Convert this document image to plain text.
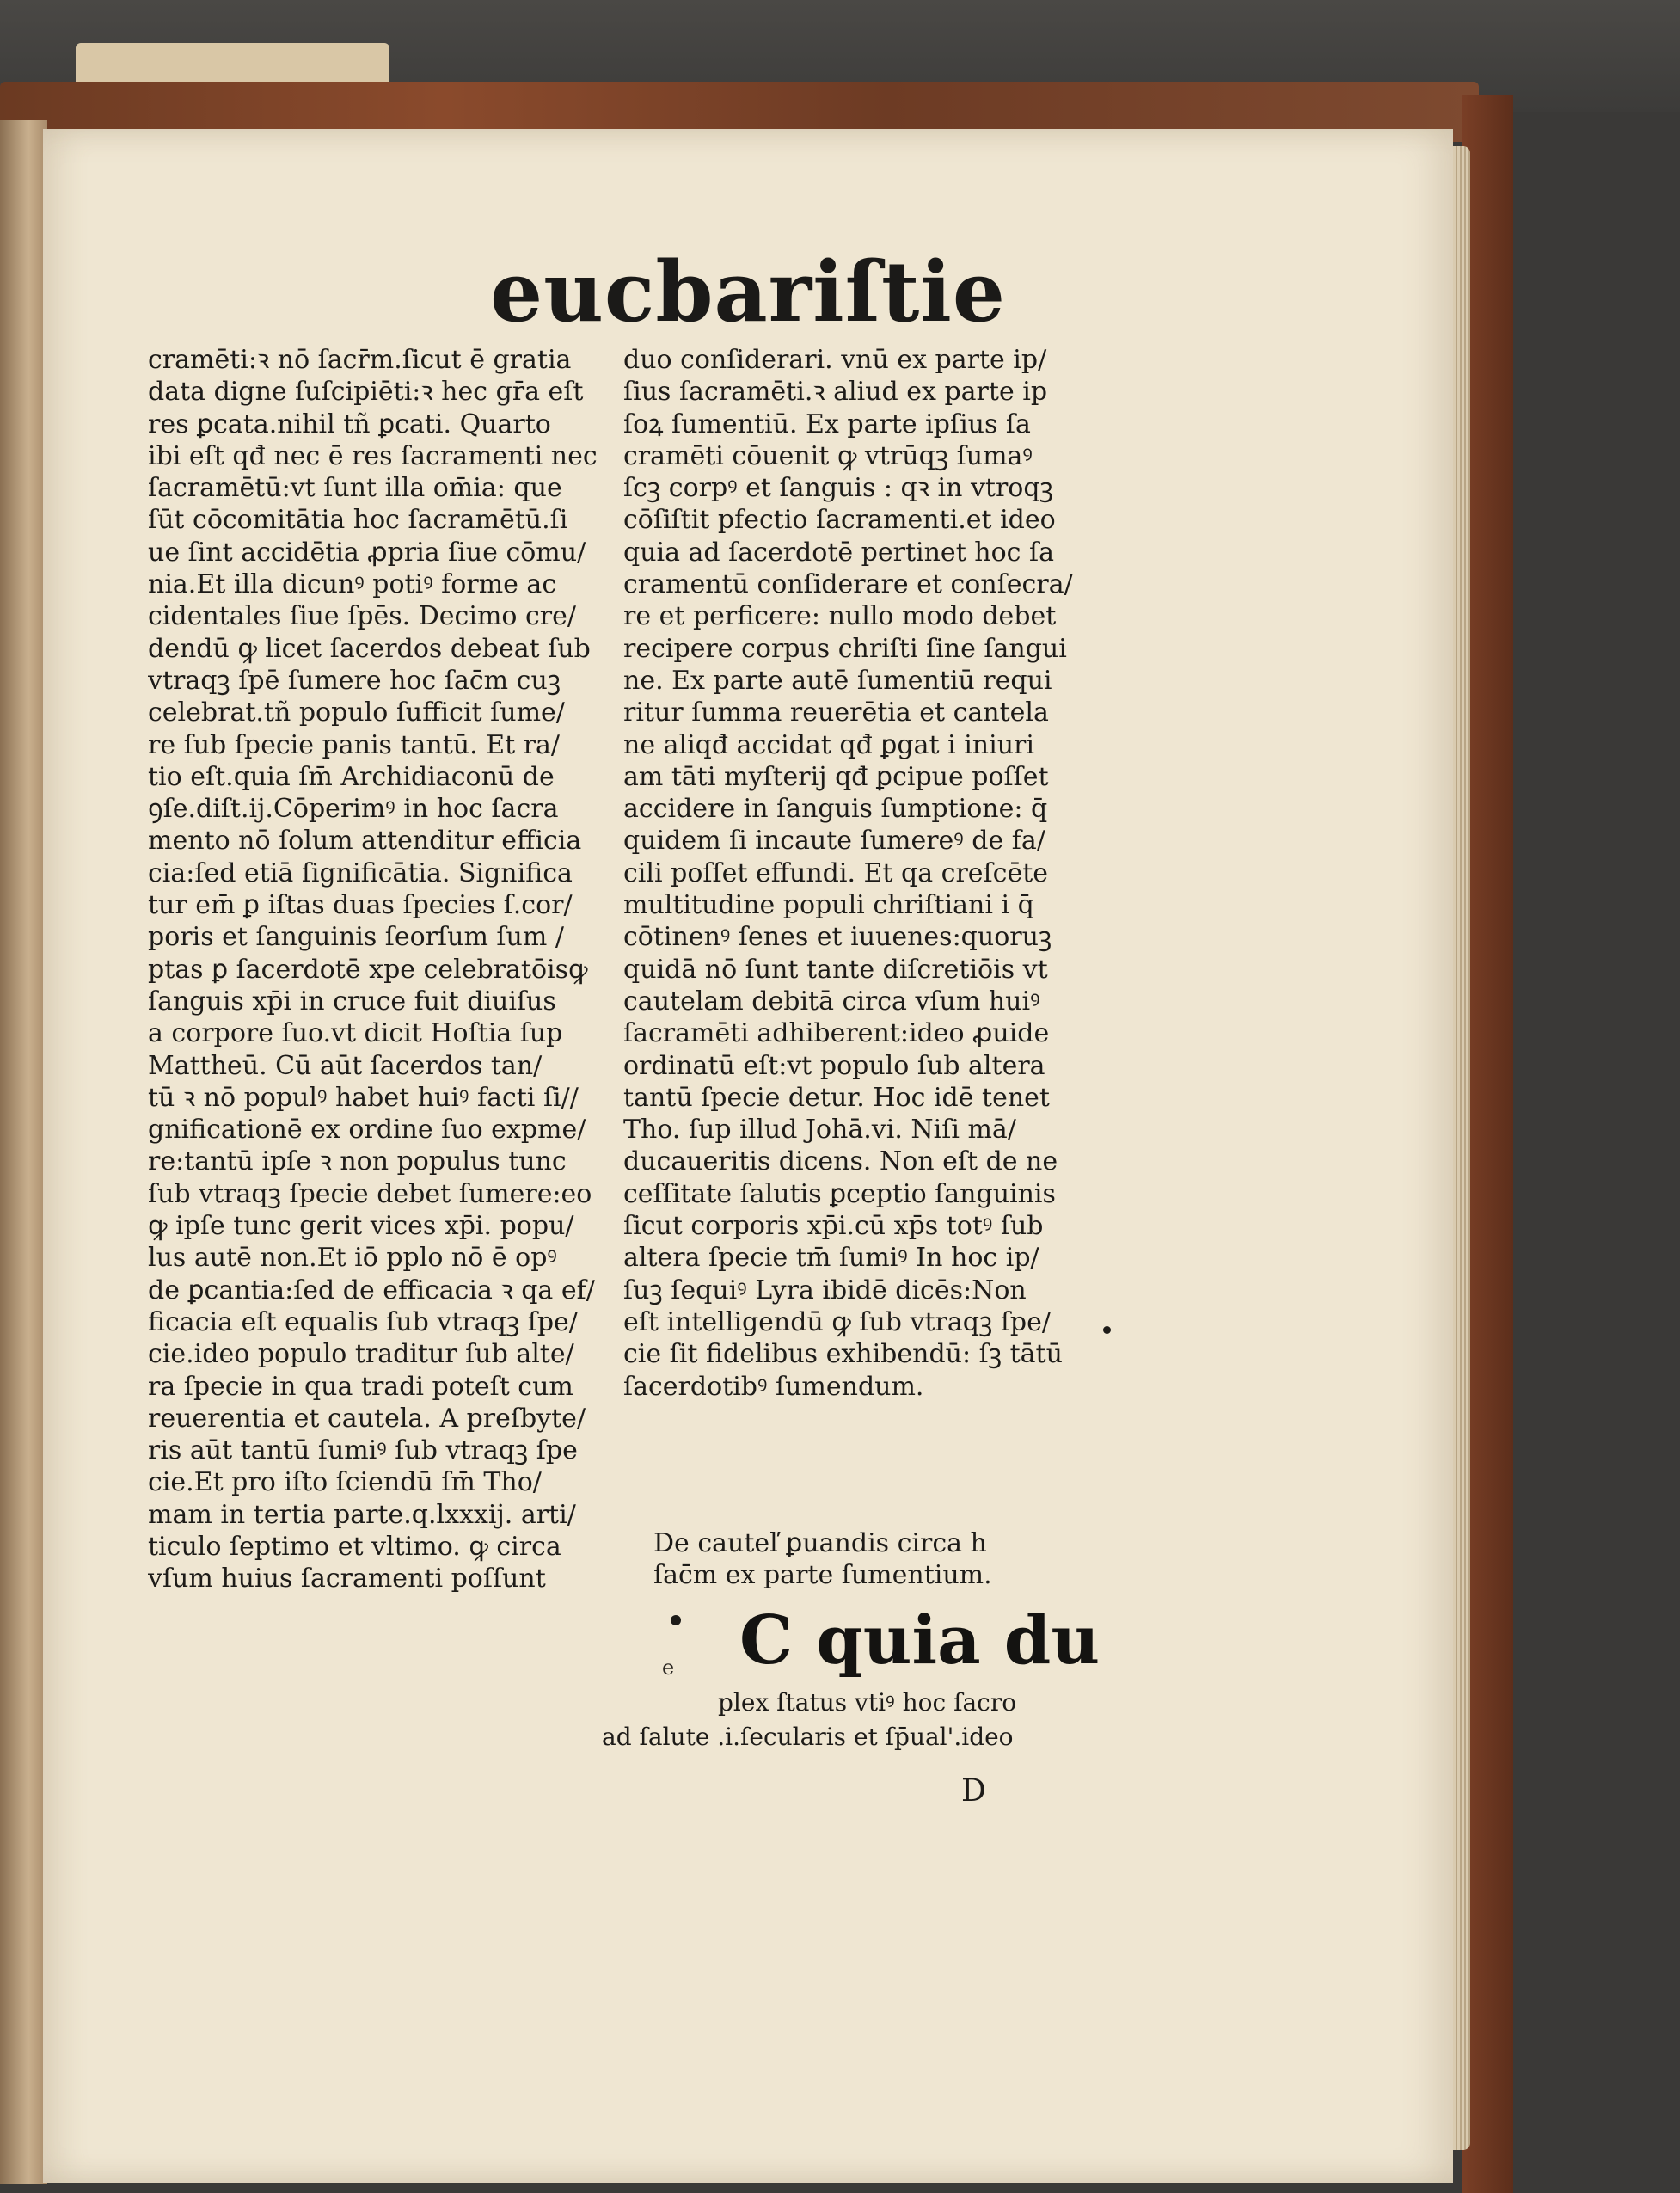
eucbariſtie
cramēti:ꝛ nō ſacr̄m.ſicut ē gratia
data digne ſuſcipiēti:ꝛ hec gr̄a eſt
res ꝑcata.nihil tñ ꝑcati. Quarto
ibi eſt qđ nec ē res ſacramenti nec
ſacramētū:vt ſunt illa om̄ia: que
ſūt cōcomitātia hoc ſacramētū.ſi
ue ſint accidētia ꝓpria ſiue cōmu/
nia.Et illa dicunꝰ potiꝰ forme ac
cidentales ſiue ſpēs. Decimo cre/
dendū ꝙ licet ſacerdos debeat ſub
vtraqꝫ ſpē ſumere hoc ſac̄m cuꝫ
celebrat.tñ populo ſufficit ſume/
re ſub ſpecie panis tantū. Et ra/
tio eſt.quia ſm̄ Archidiaconū de
ꝯſe.diſt.ij.Cōperimꝰ in hoc ſacra
mento nō ſolum attenditur efficia
cia:ſed etiā ſignificātia. Significa
tur em̄ ꝑ iſtas duas ſpecies ſ.cor/
poris et ſanguinis ſeorſum ſum /
ptas ꝑ ſacerdotē xpe celebratōisꝙ
ſanguis xp̄i in cruce fuit diuiſus
a corpore ſuo.vt dicit Hoſtia ſup
Mattheū. Cū aūt ſacerdos tan/
tū ꝛ nō populꝰ habet huiꝰ facti ſi//
gnificationē ex ordine ſuo expme/
re:tantū ipſe ꝛ non populus tunc
ſub vtraqꝫ ſpecie debet ſumere:eo
ꝙ ipſe tunc gerit vices xp̄i. popu/
lus autē non.Et iō pplo nō ē opꝰ
de ꝑcantia:ſed de efficacia ꝛ qa ef/
ficacia eſt equalis ſub vtraqꝫ ſpe/
cie.ideo populo traditur ſub alte/
ra ſpecie in qua tradi poteſt cum
reuerentia et cautela. A preſbyte/
ris aūt tantū ſumiꝰ ſub vtraqꝫ ſpe
cie.Et pro iſto ſciendū ſm̄ Tho/
mam in tertia parte.q.lxxxij. arti/
ticulo ſeptimo et vltimo. ꝙ circa
vſum huius ſacramenti poſſunt
duo conſiderari. vnū ex parte ip/
ſius ſacramēti.ꝛ aliud ex parte ip
ſoꝝ ſumentiū. Ex parte ipſius ſa
cramēti cōuenit ꝙ vtrūqꝫ ſumaꝰ
ſcꝫ corpꝰ et ſanguis : qꝛ in vtroqꝫ
cōſiſtit pfectio ſacramenti.et ideo
quia ad ſacerdotē pertinet hoc ſa
cramentū conſiderare et conſecra/
re et perficere: nullo modo debet
recipere corpus chriſti ſine ſangui
ne. Ex parte autē ſumentiū requi
ritur ſumma reuerētia et cantela
ne aliqđ accidat qđ ꝑgat i iniuri
am tāti myſterij qđ ꝑcipue poſſet
accidere in ſanguis ſumptione: q̄
quidem ſi incaute ſumereꝰ de fa/
cili poſſet effundi. Et qa creſcēte
multitudine populi chriſtiani i q̄
cōtinenꝰ ſenes et iuuenes:quoruꝫ
quidā nō ſunt tante diſcretiōis vt
cautelam debitā circa vſum huiꝰ
ſacramēti adhiberent:ideo ꝓuide
ordinatū eſt:vt populo ſub altera
tantū ſpecie detur. Hoc idē tenet
Tho. ſup illud Johā.vi. Niſi mā/
ducaueritis dicens. Non eſt de ne
ceſſitate ſalutis ꝑceptio ſanguinis
ſicut corporis xp̄i.cū xp̄s totꝰ ſub
altera ſpecie tm̄ ſumiꝰ In hoc ip/
ſuꝫ ſequiꝰ Lyra ibidē dicēs:Non
eſt intelligendū ꝙ ſub vtraqꝫ ſpe/
cie ſit fidelibus exhibendū: ſꝫ tātū
ſacerdotibꝰ ſumendum.
De cauteľ ꝑuandis circa h
ſac̄m ex parte ſumentium.
e C quia du
plex ſtatus vtiꝰ hoc ſacro
ad ſalute .i.ſecularis et ſp̄ual'.ideo
D
